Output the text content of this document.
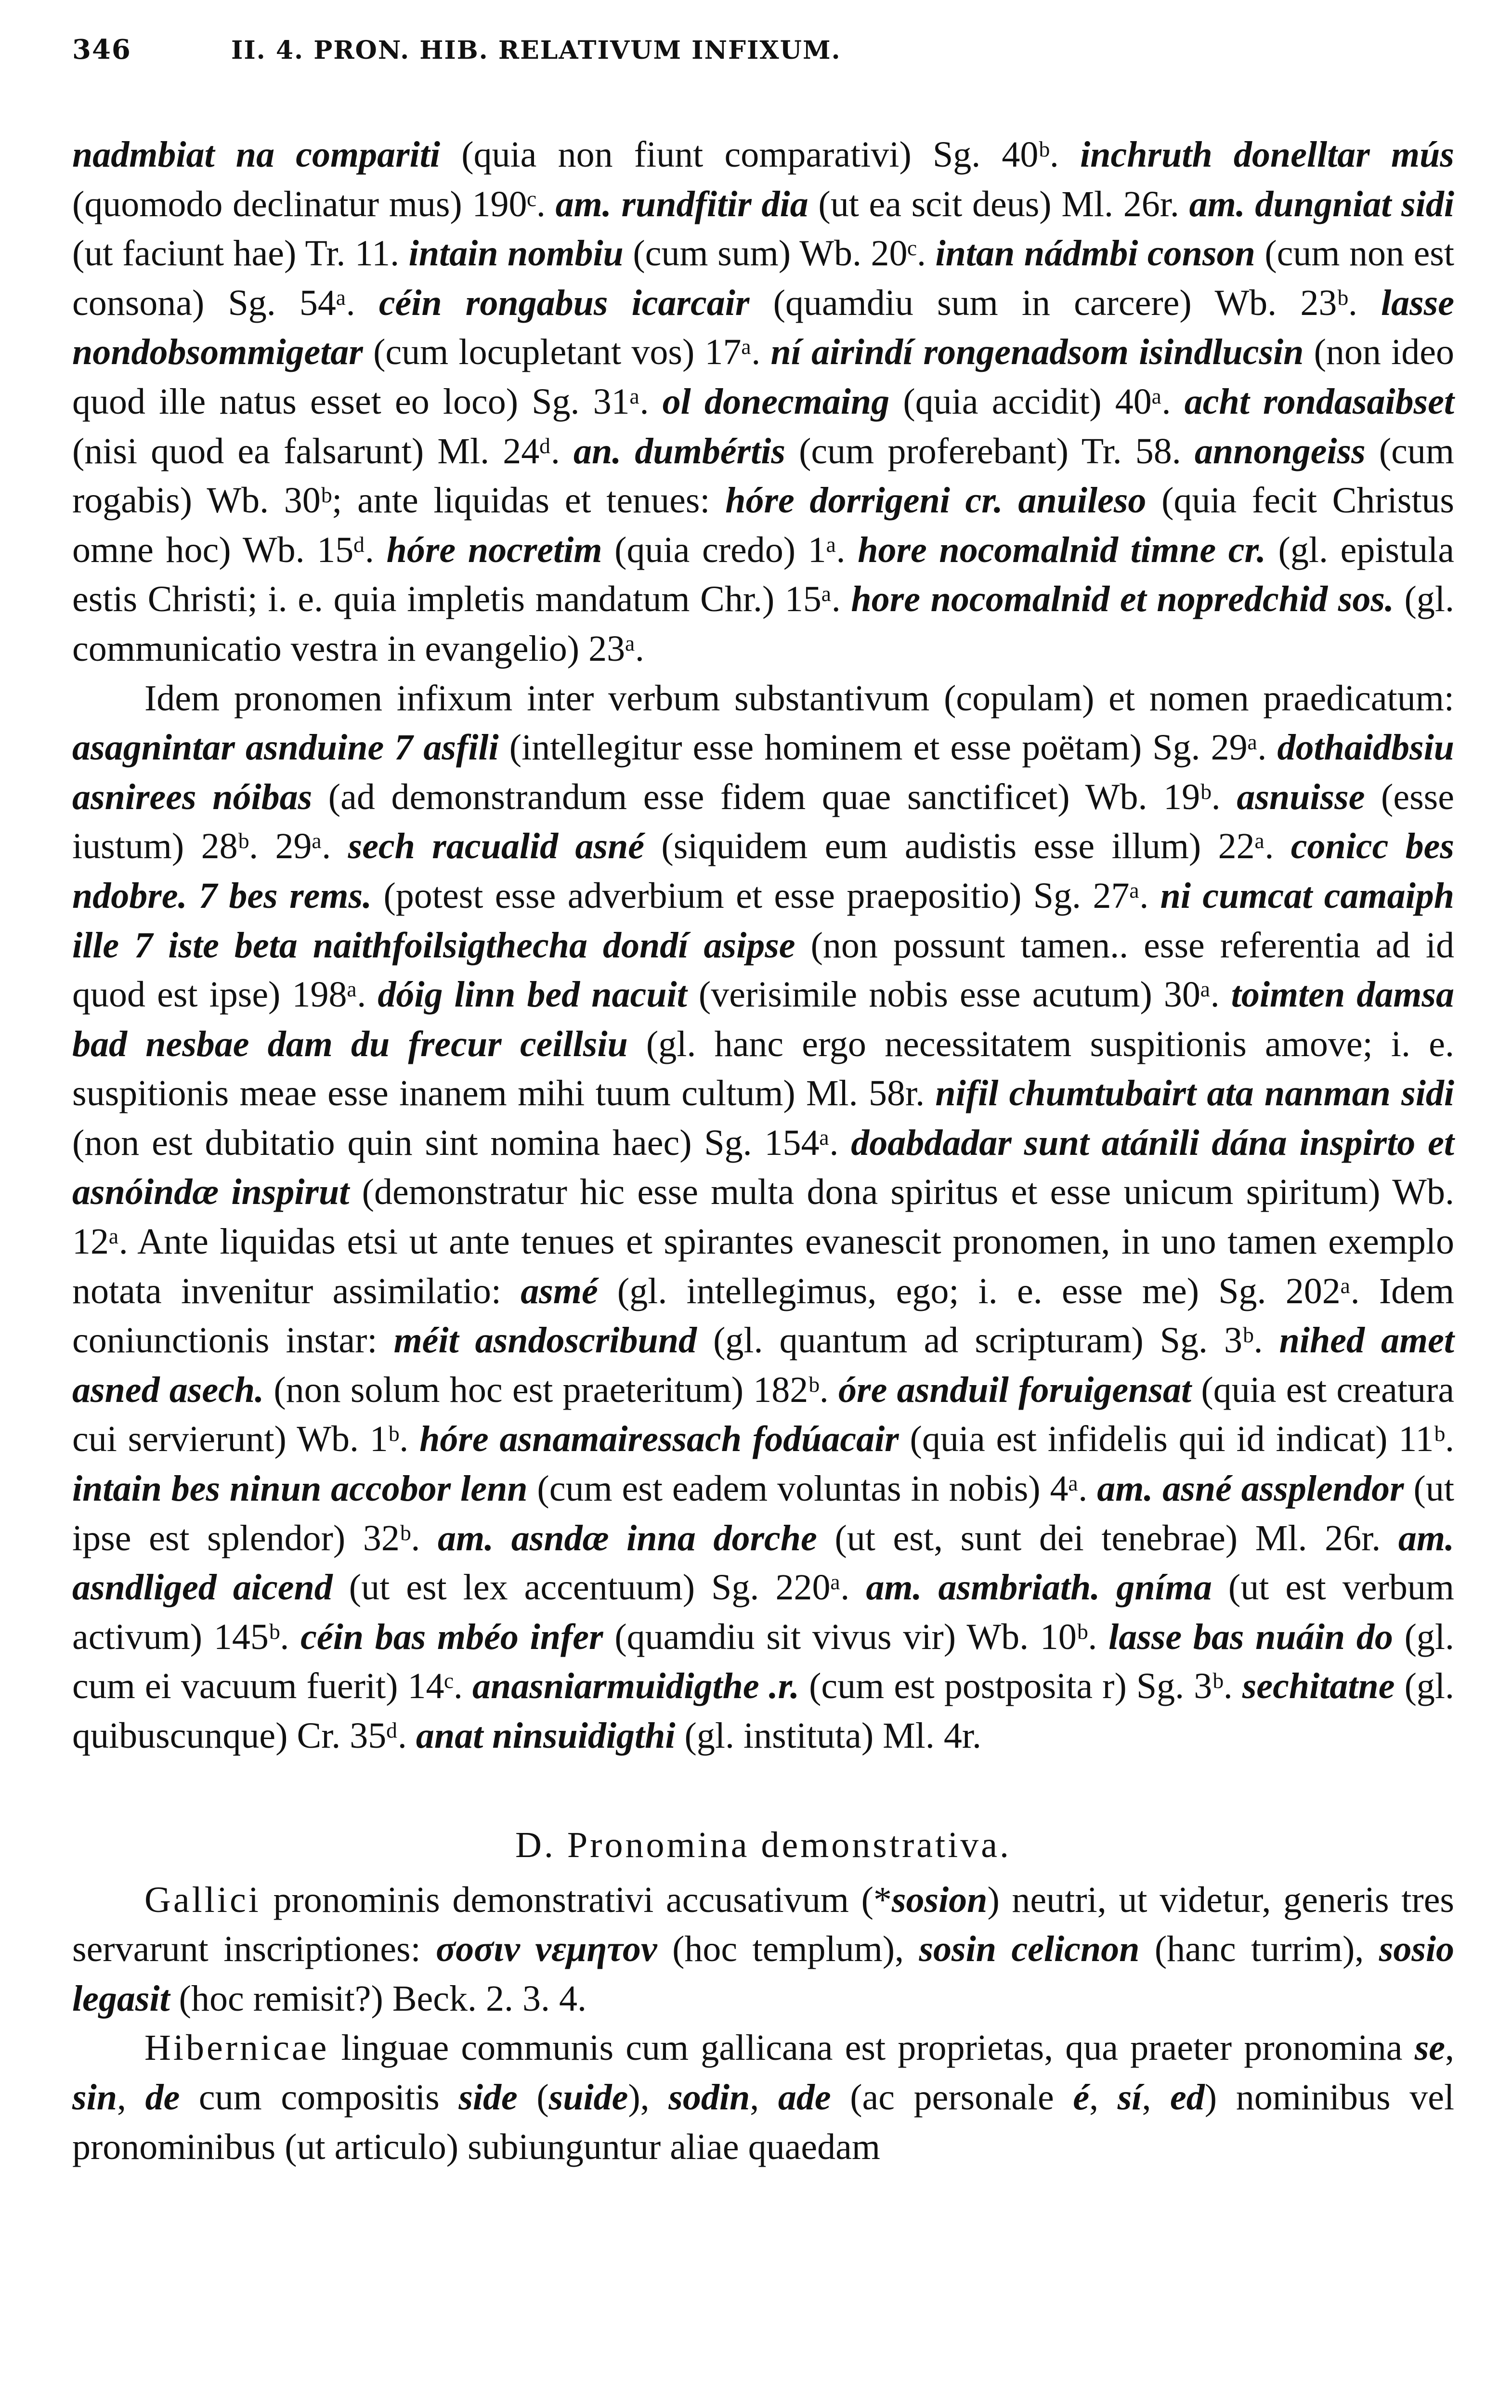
346	II. 4. PRON. HIB. RELATIVUM INFIXUM.

nadmbiat na compariti (quia non fiunt comparativi) Sg. 40ᵇ. inchruth donelltar mús (quomodo declinatur mus) 190ᶜ. am. rundfitir dia (ut ea scit deus) Ml. 26r. am. dungniat sidi (ut faciunt hae) Tr. 11. intain nombiu (cum sum) Wb. 20ᶜ. intan nádmbi conson (cum non est consona) Sg. 54ᵃ. céin rongabus icarcair (quamdiu sum in carcere) Wb. 23ᵇ. lasse nondobsommigetar (cum locupletant vos) 17ᵃ. ní airindí rongenadsom isindlucsin (non ideo quod ille natus esset eo loco) Sg. 31ᵃ. ol donecmaing (quia accidit) 40ᵃ. acht rondasaibset (nisi quod ea falsarunt) Ml. 24ᵈ. an. dumbértis (cum proferebant) Tr. 58. annongeiss (cum rogabis) Wb. 30ᵇ; ante liquidas et tenues: hóre dorrigeni cr. anuileso (quia fecit Christus omne hoc) Wb. 15ᵈ. hóre nocretim (quia credo) 1ᵃ. hore nocomalnid timne cr. (gl. epistula estis Christi; i. e. quia impletis mandatum Chr.) 15ᵃ. hore nocomalnid et nopredchid sos. (gl. communicatio vestra in evangelio) 23ᵃ.

Idem pronomen infixum inter verbum substantivum (copulam) et nomen praedicatum: asagnintar asnduine 7 asfili (intellegitur esse hominem et esse poëtam) Sg. 29ᵃ. dothaidbsiu asnirees nóibas (ad demonstrandum esse fidem quae sanctificet) Wb. 19ᵇ. asnuisse (esse iustum) 28ᵇ. 29ᵃ. sech racualid asné (siquidem eum audistis esse illum) 22ᵃ. conicc bes ndobre. 7 bes rems. (potest esse adverbium et esse praepositio) Sg. 27ᵃ. ni cumcat camaiph ille 7 iste beta naithfoilsigthecha dondí asipse (non possunt tamen.. esse referentia ad id quod est ipse) 198ᵃ. dóig linn bed nacuit (verisimile nobis esse acutum) 30ᵃ. toimten damsa bad nesbae dam du frecur ceillsiu (gl. hanc ergo necessitatem suspitionis amove; i. e. suspitionis meae esse inanem mihi tuum cultum) Ml. 58r. nifil chumtubairt ata nanman sidi (non est dubitatio quin sint nomina haec) Sg. 154ᵃ. doabdadar sunt atánili dána inspirto et asnóindæ inspirut (demonstratur hic esse multa dona spiritus et esse unicum spiritum) Wb. 12ᵃ. Ante liquidas etsi ut ante tenues et spirantes evanescit pronomen, in uno tamen exemplo notata invenitur assimilatio: asmé (gl. intellegimus, ego; i. e. esse me) Sg. 202ᵃ. Idem coniunctionis instar: méit asndoscribund (gl. quantum ad scripturam) Sg. 3ᵇ. nihed amet asned asech. (non solum hoc est praeteritum) 182ᵇ. óre asnduil foruigensat (quia est creatura cui servierunt) Wb. 1ᵇ. hóre asnamairessach fodúacair (quia est infidelis qui id indicat) 11ᵇ. intain bes ninun accobor lenn (cum est eadem voluntas in nobis) 4ᵃ. am. asné assplendor (ut ipse est splendor) 32ᵇ. am. asndæ inna dorche (ut est, sunt dei tenebrae) Ml. 26r. am. asndliged aicend (ut est lex accentuum) Sg. 220ᵃ. am. asmbriath. gníma (ut est verbum activum) 145ᵇ. céin bas mbéo infer (quamdiu sit vivus vir) Wb. 10ᵇ. lasse bas nuáin do (gl. cum ei vacuum fuerit) 14ᶜ. anasniarmuidigthe .r. (cum est postposita r) Sg. 3ᵇ. sechitatne (gl. quibuscunque) Cr. 35ᵈ. anat ninsuidigthi (gl. instituta) Ml. 4r.

D. Pronomina demonstrativa.

Gallici pronominis demonstrativi accusativum (*sosion) neutri, ut videtur, generis tres servarunt inscriptiones: σοσιν νεμητον (hoc templum), sosin celicnon (hanc turrim), sosio legasit (hoc remisit?) Beck. 2. 3. 4.

Hibernicae linguae communis cum gallicana est proprietas, qua praeter pronomina se, sin, de cum compositis side (suide), sodin, ade (ac personale é, sí, ed) nominibus vel pronominibus (ut articulo) subiunguntur aliae quaedam
